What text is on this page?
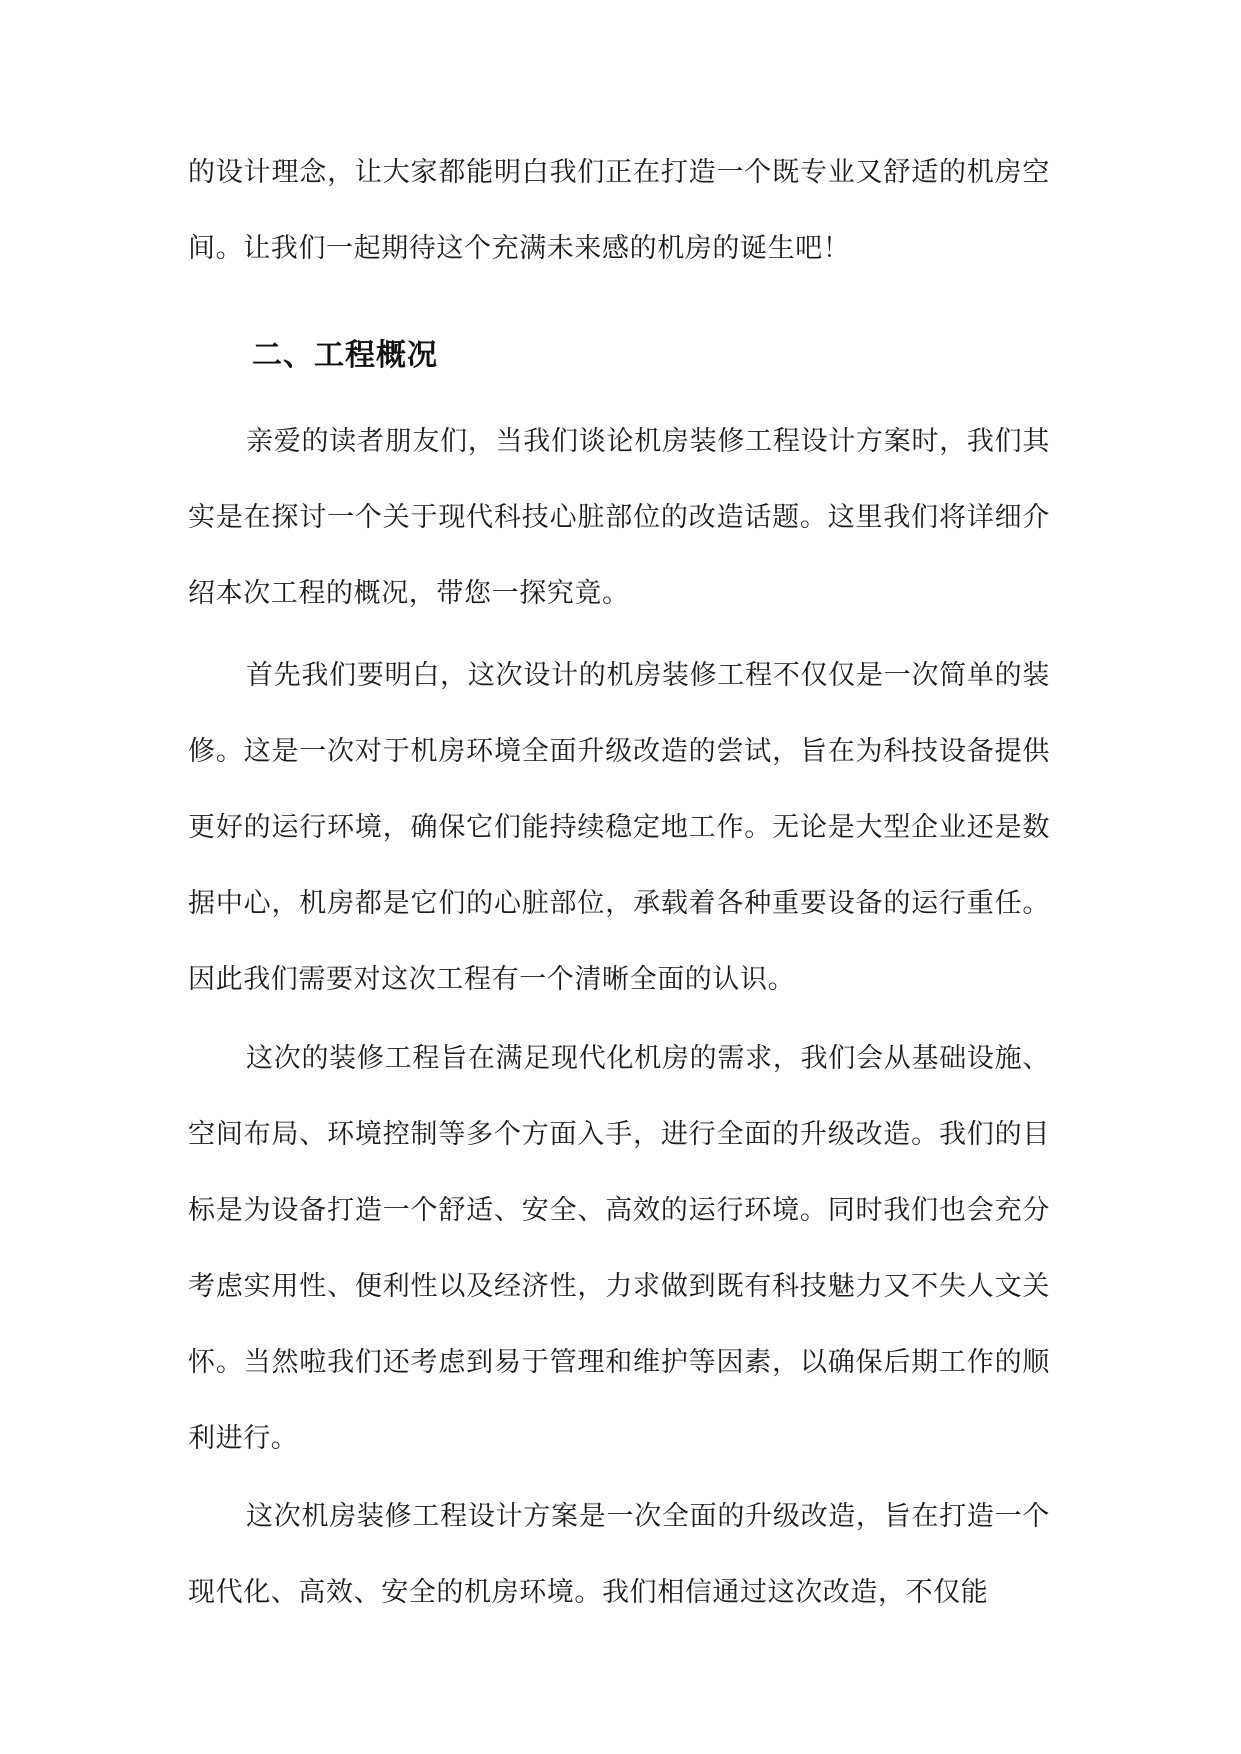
的设计理念，让大家都能明白我们正在打造一个既专业又舒适的机房空间。让我们一起期待这个充满未来感的机房的诞生吧！

二、工程概况

亲爱的读者朋友们，当我们谈论机房装修工程设计方案时，我们其实是在探讨一个关于现代科技心脏部位的改造话题。这里我们将详细介绍本次工程的概况，带您一探究竟。

首先我们要明白，这次设计的机房装修工程不仅仅是一次简单的装修。这是一次对于机房环境全面升级改造的尝试，旨在为科技设备提供更好的运行环境，确保它们能持续稳定地工作。无论是大型企业还是数据中心，机房都是它们的心脏部位，承载着各种重要设备的运行重任。因此我们需要对这次工程有一个清晰全面的认识。

这次的装修工程旨在满足现代化机房的需求，我们会从基础设施、空间布局、环境控制等多个方面入手，进行全面的升级改造。我们的目标是为设备打造一个舒适、安全、高效的运行环境。同时我们也会充分考虑实用性、便利性以及经济性，力求做到既有科技魅力又不失人文关怀。当然啦我们还考虑到易于管理和维护等因素，以确保后期工作的顺利进行。

这次机房装修工程设计方案是一次全面的升级改造，旨在打造一个现代化、高效、安全的机房环境。我们相信通过这次改造，不仅能
